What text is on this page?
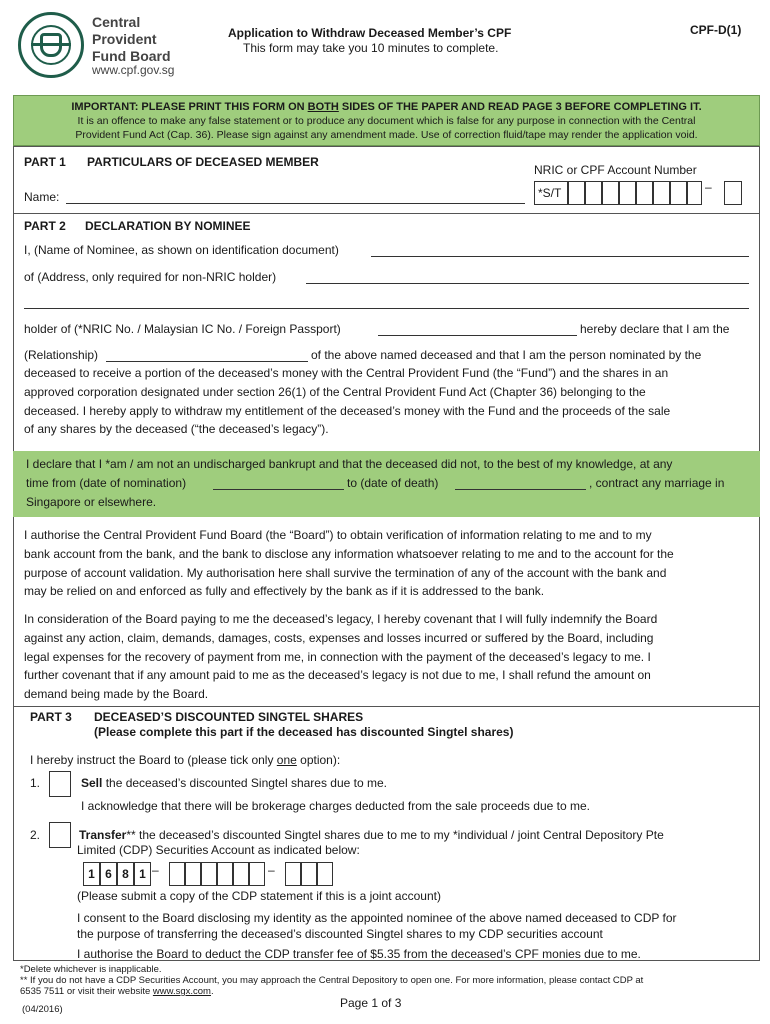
Central
Provident
Fund Board
www.cpf.gov.sg
Application to Withdraw Deceased Member’s CPF
This form may take you 10 minutes to complete.
CPF-D(1)
IMPORTANT: PLEASE PRINT THIS FORM ON BOTH SIDES OF THE PAPER AND READ PAGE 3 BEFORE COMPLETING IT.
It is an offence to make any false statement or to produce any document which is false for any purpose in connection with the Central
Provident Fund Act (Cap. 36). Please sign against any amendment made. Use of correction fluid/tape may render the application void.
PART 1 PARTICULARS OF DECEASED MEMBER
Name:
NRIC or CPF Account Number
*S/T	–
PART 2 DECLARATION BY NOMINEE
I, (Name of Nominee, as shown on identification document)
of (Address, only required for non-NRIC holder)
holder of (*NRIC No. / Malaysian IC No. / Foreign Passport)	hereby declare that I am the
(Relationship)	of the above named deceased and that I am the person nominated by the
deceased to receive a portion of the deceased’s money with the Central Provident Fund (the “Fund”) and the shares in an
approved corporation designated under section 26(1) of the Central Provident Fund Act (Chapter 36) belonging to the
deceased. I hereby apply to withdraw my entitlement of the deceased’s money with the Fund and the proceeds of the sale
of any shares by the deceased (“the deceased’s legacy”).
I declare that I *am / am not an undischarged bankrupt and that the deceased did not, to the best of my knowledge, at any
time from (date of nomination)	to (date of death)	, contract any marriage in
Singapore or elsewhere.
I authorise the Central Provident Fund Board (the “Board”) to obtain verification of information relating to me and to my
bank account from the bank, and the bank to disclose any information whatsoever relating to me and to the account for the
purpose of account validation. My authorisation here shall survive the termination of any of the account with the bank and
may be relied on and enforced as fully and effectively by the bank as if it is addressed to the bank.
In consideration of the Board paying to me the deceased’s legacy, I hereby covenant that I will fully indemnify the Board
against any action, claim, demands, damages, costs, expenses and losses incurred or suffered by the Board, including
legal expenses for the recovery of payment from me, in connection with the payment of the deceased’s legacy to me. I
further covenant that if any amount paid to me as the deceased’s legacy is not due to me, I shall refund the amount on
demand being made by the Board.
PART 3 DECEASED’S DISCOUNTED SINGTEL SHARES
(Please complete this part if the deceased has discounted Singtel shares)
I hereby instruct the Board to (please tick only one option):
1.	Sell the deceased’s discounted Singtel shares due to me.
I acknowledge that there will be brokerage charges deducted from the sale proceeds due to me.
2.	Transfer** the deceased’s discounted Singtel shares due to me to my *individual / joint Central Depository Pte
Limited (CDP) Securities Account as indicated below:
1 6 8 1 –	–
(Please submit a copy of the CDP statement if this is a joint account)
I consent to the Board disclosing my identity as the appointed nominee of the above named deceased to CDP for
the purpose of transferring the deceased’s discounted Singtel shares to my CDP securities account
I authorise the Board to deduct the CDP transfer fee of $5.35 from the deceased’s CPF monies due to me.
*Delete whichever is inapplicable.
** If you do not have a CDP Securities Account, you may approach the Central Depository to open one. For more information, please contact CDP at
6535 7511 or visit their website www.sgx.com.
(04/2016)	Page 1 of 3
